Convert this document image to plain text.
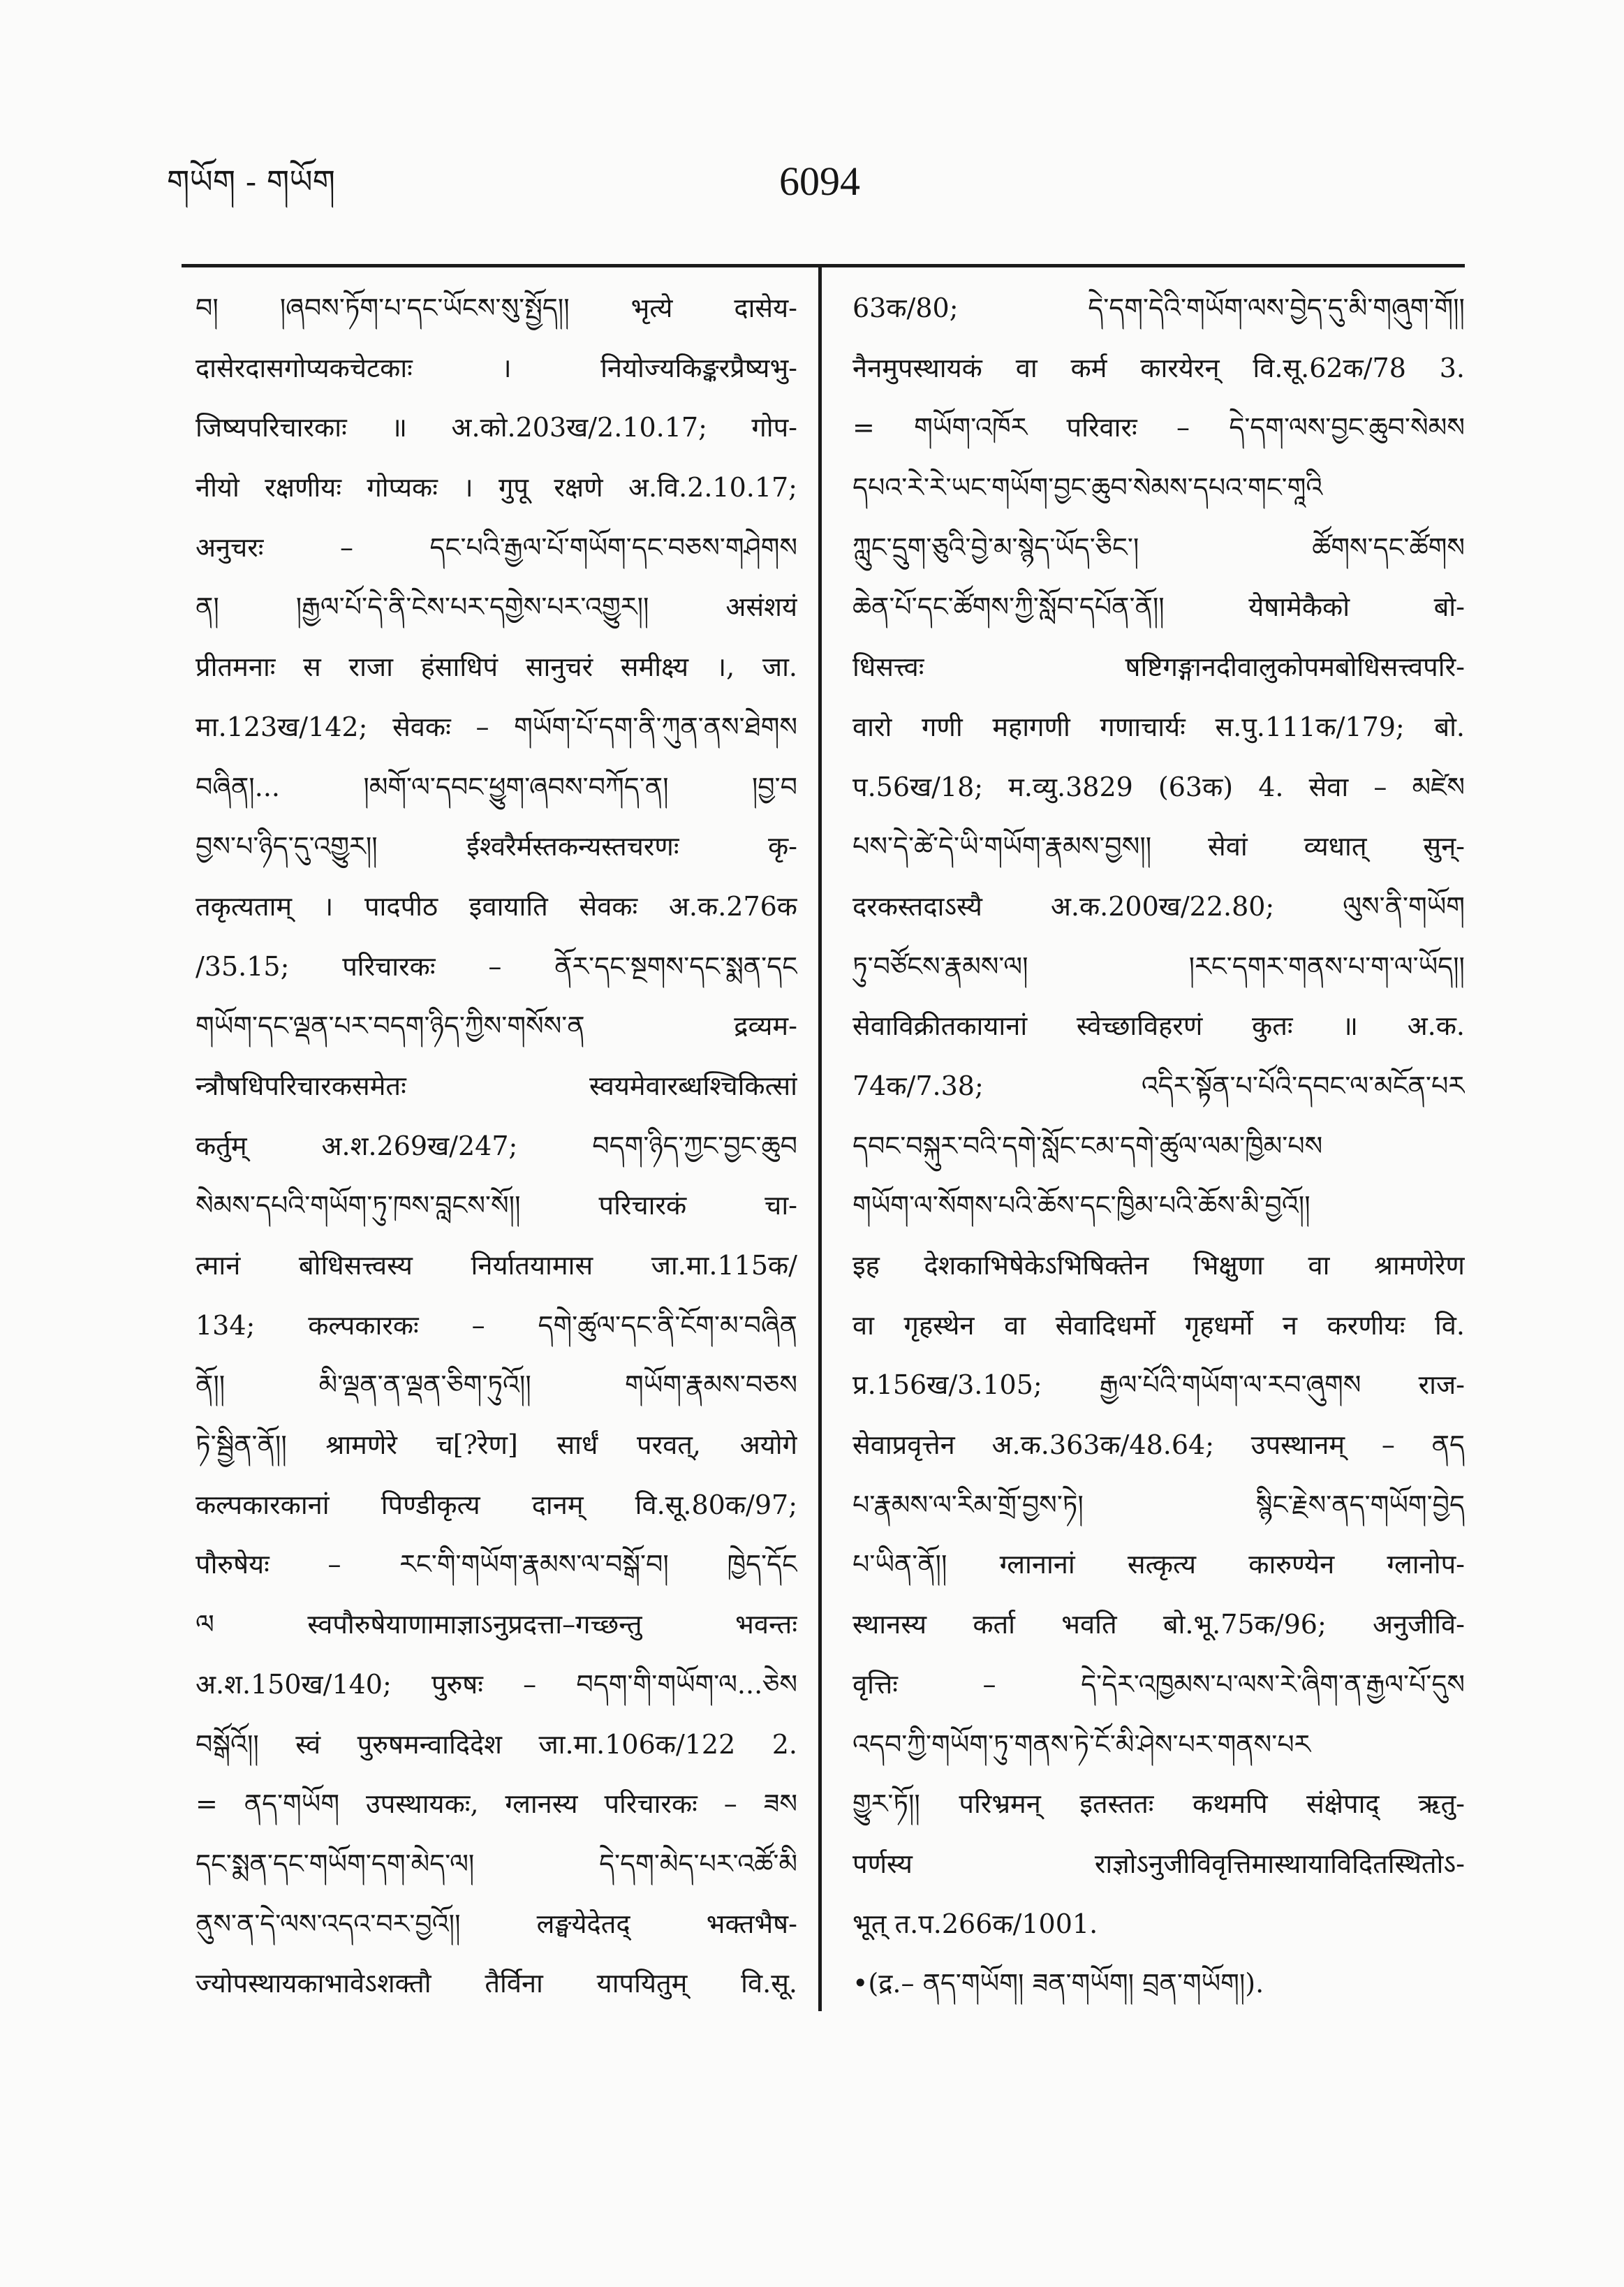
གཡོག - གཡོག	6094
བ། །ཞབས་ཏོག་པ་དང་ཡོངས་སུ་སྤྱོད།། भृत्ये दासेय-
दासेरदासगोप्यकचेटकाः । नियोज्यकिङ्करप्रैष्यभु-
जिष्यपरिचारकाः ॥ अ.को.203ख/2.10.17; गोप-
नीयो रक्षणीयः गोप्यकः । गुपू रक्षणे अ.वि.2.10.17;
अनुचरः – དང་པའི་རྒྱལ་པོ་གཡོག་དང་བཅས་གཤེགས
ན། །རྒྱལ་པོ་དེ་ནི་ངེས་པར་དགྱེས་པར་འགྱུར།། असंशयं
प्रीतमनाः स राजा हंसाधिपं सानुचरं समीक्ष्य ।, जा.
मा.123ख/142; सेवकः – གཡོག་པོ་དག་ནི་ཀུན་ནས་ཐེགས
བཞིན།... །མགོ་ལ་དབང་ཕྱུག་ཞབས་བཀོད་ན། །བྱ་བ
བྱས་པ་ཉིད་དུ་འགྱུར།། ईश्वरैर्मस्तकन्यस्तचरणः कृ-
तकृत्यताम् । पादपीठ इवायाति सेवकः अ.क.276क
/35.15; परिचारकः – ནོར་དང་སྔགས་དང་སྨན་དང
གཡོག་དང་ལྡན་པར་བདག་ཉིད་ཀྱིས་གསོས་ན द्रव्यम-
न्त्रौषधिपरिचारकसमेतः स्वयमेवारब्धश्चिकित्सां
कर्तुम् अ.श.269ख/247; བདག་ཉིད་ཀྱང་བྱང་ཆུབ
སེམས་དཔའི་གཡོག་ཏུ་ཁས་བླངས་སོ།། परिचारकं चा-
त्मानं बोधिसत्त्वस्य निर्यातयामास जा.मा.115क/
134; कल्पकारकः – དགེ་ཚུལ་དང་ནི་ངོག་མ་བཞིན
ནོ།། མི་ལྡན་ན་ལྡན་ཅིག་ཏུའོ།། གཡོག་རྣམས་བཅས
ཏེ་སྦྱིན་ནོ།། श्रामणेरे च[?रेण] सार्धं परवत्, अयोगे
कल्पकारकानां पिण्डीकृत्य दानम् वि.सू.80क/97;
पौरुषेयः – རང་གི་གཡོག་རྣམས་ལ་བསྒོ་བ། ཁྱེད་དོང
ལ स्वपौरुषेयाणामाज्ञाऽनुप्रदत्ता–गच्छन्तु भवन्तः
अ.श.150ख/140; पुरुषः – བདག་གི་གཡོག་ལ...ཅེས
བསྒོའོ།། स्वं पुरुषमन्वादिदेश जा.मा.106क/122 2.
= ནད་གཡོག उपस्थायकः, ग्लानस्य परिचारकः – ཟས
དང་སྨན་དང་གཡོག་དག་མེད་ལ། དེ་དག་མེད་པར་འཚོ་མི
ནུས་ན་དེ་ལས་འདའ་བར་བྱའོ།། लङ्घयेदेतद् भक्तभैष-
ज्योपस्थायकाभावेऽशक्तौ तैर्विना यापयितुम् वि.सू.
63क/80; དེ་དག་དེའི་གཡོག་ལས་བྱེད་དུ་མི་གཞུག་གོ།།
नैनमुपस्थायकं वा कर्म कारयेरन् वि.सू.62क/78 3.
= གཡོག་འཁོར परिवारः – དེ་དག་ལས་བྱང་ཆུབ་སེམས
དཔའ་རེ་རེ་ཡང་གཡོག་བྱང་ཆུབ་སེམས་དཔའ་གང་གཱའི
ཀླུང་དྲུག་ཅུའི་བྱེ་མ་སྙེད་ཡོད་ཅིང་། ཚོགས་དང་ཚོགས
ཆེན་པོ་དང་ཚོགས་ཀྱི་སློབ་དཔོན་ནོ།། येषामेकैको बो-
धिसत्त्वः षष्टिगङ्गानदीवालुकोपमबोधिसत्त्वपरि-
वारो गणी महागणी गणाचार्यः स.पु.111क/179; बो.
प.56ख/18; म.व्यु.3829 (63क) 4. सेवा – མཛེས
པས་དེ་ཚེ་དེ་ཡི་གཡོག་རྣམས་བྱས།། सेवां व्यधात् सुन्-
दरकस्तदाऽस्यै अ.क.200ख/22.80; ལུས་ནི་གཡོག
ཏུ་བཙོངས་རྣམས་ལ། །རང་དགར་གནས་པ་ག་ལ་ཡོད།།
सेवाविक्रीतकायानां स्वेच्छाविहरणं कुतः ॥ अ.क.
74क/7.38; འདིར་སྟོན་པ་པོའི་དབང་ལ་མངོན་པར
དབང་བསྐུར་བའི་དགེ་སློང་ངམ་དགེ་ཚུལ་ལམ་ཁྱིམ་པས
གཡོག་ལ་སོགས་པའི་ཆོས་དང་ཁྱིམ་པའི་ཆོས་མི་བྱའོ།།
इह देशकाभिषेकेऽभिषिक्तेन भिक्षुणा वा श्रामणेरेण
वा गृहस्थेन वा सेवादिधर्मो गृहधर्मो न करणीयः वि.
प्र.156ख/3.105; རྒྱལ་པོའི་གཡོག་ལ་རབ་ཞུགས राज-
सेवाप्रवृत्तेन अ.क.363क/48.64; उपस्थानम् – ནད
པ་རྣམས་ལ་རིམ་གྲོ་བྱས་ཏེ། སྙིང་རྗེས་ནད་གཡོག་བྱེད
པ་ཡིན་ནོ།། ग्लानानां सत्कृत्य कारुण्येन ग्लानोप-
स्थानस्य कर्ता भवति बो.भू.75क/96; अनुजीवि-
वृत्तिः – དེ་དེར་འཁྱམས་པ་ལས་རེ་ཞིག་ན་རྒྱལ་པོ་དུས
འདབ་ཀྱི་གཡོག་ཏུ་གནས་ཏེ་ངོ་མི་ཤེས་པར་གནས་པར
གྱུར་ཏོ།། परिभ्रमन् इतस्ततः कथमपि संक्षेपाद् ऋतु-
पर्णस्य राज्ञोऽनुजीविवृत्तिमास्थायाविदितस्थितोऽ-
भूत् त.प.266क/1001.
•(द्र.– ནད་གཡོག། ཟན་གཡོག། བྲན་གཡོག།).
